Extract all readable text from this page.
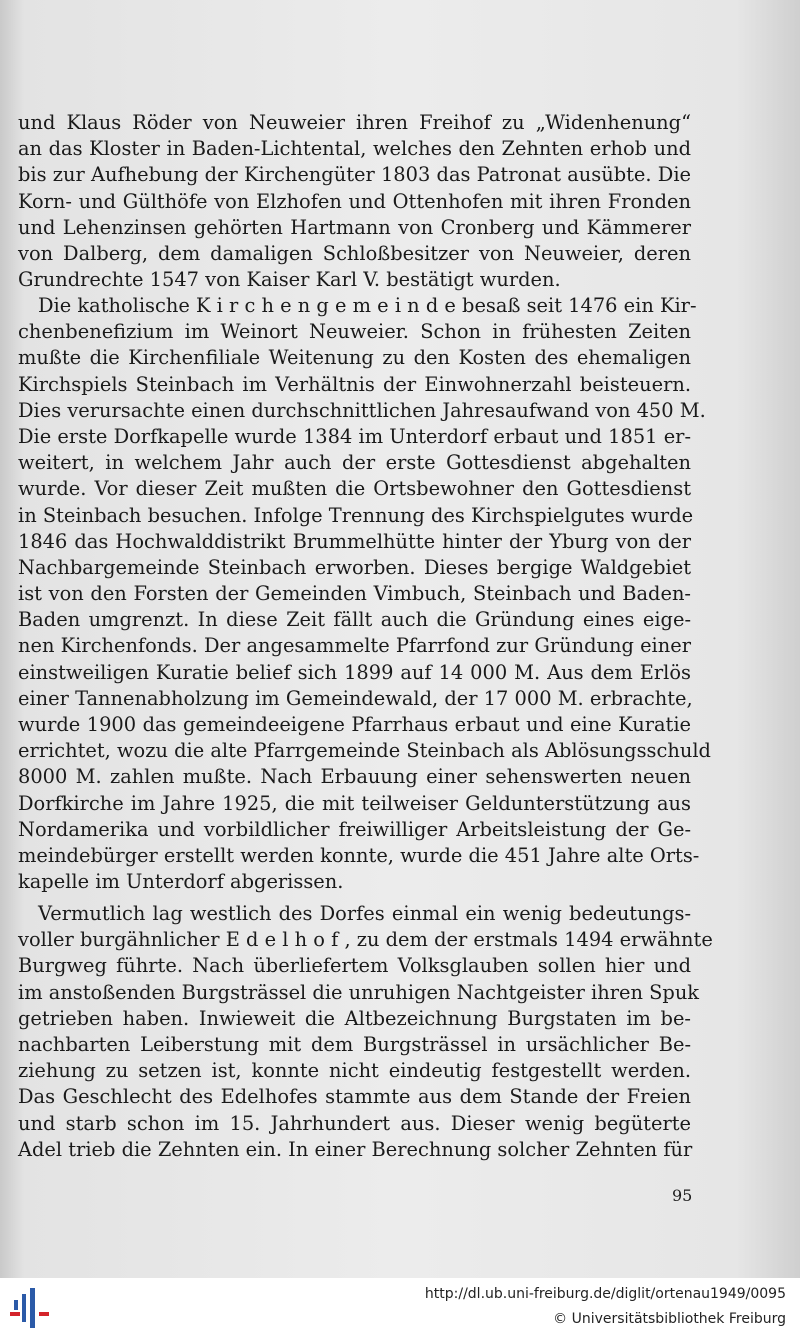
und Klaus Röder von Neuweier ihren Freihof zu „Widenhenung“
an das Kloster in Baden-Lichtental, welches den Zehnten erhob und
bis zur Aufhebung der Kirchengüter 1803 das Patronat ausübte. Die
Korn- und Gülthöfe von Elzhofen und Ottenhofen mit ihren Fronden
und Lehenzinsen gehörten Hartmann von Cronberg und Kämmerer
von Dalberg, dem damaligen Schloßbesitzer von Neuweier, deren
Grundrechte 1547 von Kaiser Karl V. bestätigt wurden.
Die katholische K i r c h e n g e m e i n d e besaß seit 1476 ein Kir-
chenbenefizium im Weinort Neuweier. Schon in frühesten Zeiten
mußte die Kirchenfiliale Weitenung zu den Kosten des ehemaligen
Kirchspiels Steinbach im Verhältnis der Einwohnerzahl beisteuern.
Dies verursachte einen durchschnittlichen Jahresaufwand von 450 M.
Die erste Dorfkapelle wurde 1384 im Unterdorf erbaut und 1851 er-
weitert, in welchem Jahr auch der erste Gottesdienst abgehalten
wurde. Vor dieser Zeit mußten die Ortsbewohner den Gottesdienst
in Steinbach besuchen. Infolge Trennung des Kirchspielgutes wurde
1846 das Hochwalddistrikt Brummelhütte hinter der Yburg von der
Nachbargemeinde Steinbach erworben. Dieses bergige Waldgebiet
ist von den Forsten der Gemeinden Vimbuch, Steinbach und Baden-
Baden umgrenzt. In diese Zeit fällt auch die Gründung eines eige-
nen Kirchenfonds. Der angesammelte Pfarrfond zur Gründung einer
einstweiligen Kuratie belief sich 1899 auf 14 000 M. Aus dem Erlös
einer Tannenabholzung im Gemeindewald, der 17 000 M. erbrachte,
wurde 1900 das gemeindeeigene Pfarrhaus erbaut und eine Kuratie
errichtet, wozu die alte Pfarrgemeinde Steinbach als Ablösungsschuld
8000 M. zahlen mußte. Nach Erbauung einer sehenswerten neuen
Dorfkirche im Jahre 1925, die mit teilweiser Geldunterstützung aus
Nordamerika und vorbildlicher freiwilliger Arbeitsleistung der Ge-
meindebürger erstellt werden konnte, wurde die 451 Jahre alte Orts-
kapelle im Unterdorf abgerissen.
Vermutlich lag westlich des Dorfes einmal ein wenig bedeutungs-
voller burgähnlicher E d e l h o f , zu dem der erstmals 1494 erwähnte
Burgweg führte. Nach überliefertem Volksglauben sollen hier und
im anstoßenden Burgsträssel die unruhigen Nachtgeister ihren Spuk
getrieben haben. Inwieweit die Altbezeichnung Burgstaten im be-
nachbarten Leiberstung mit dem Burgsträssel in ursächlicher Be-
ziehung zu setzen ist, konnte nicht eindeutig festgestellt werden.
Das Geschlecht des Edelhofes stammte aus dem Stande der Freien
und starb schon im 15. Jahrhundert aus. Dieser wenig begüterte
Adel trieb die Zehnten ein. In einer Berechnung solcher Zehnten für
95
http://dl.ub.uni-freiburg.de/diglit/ortenau1949/0095
© Universitätsbibliothek Freiburg
